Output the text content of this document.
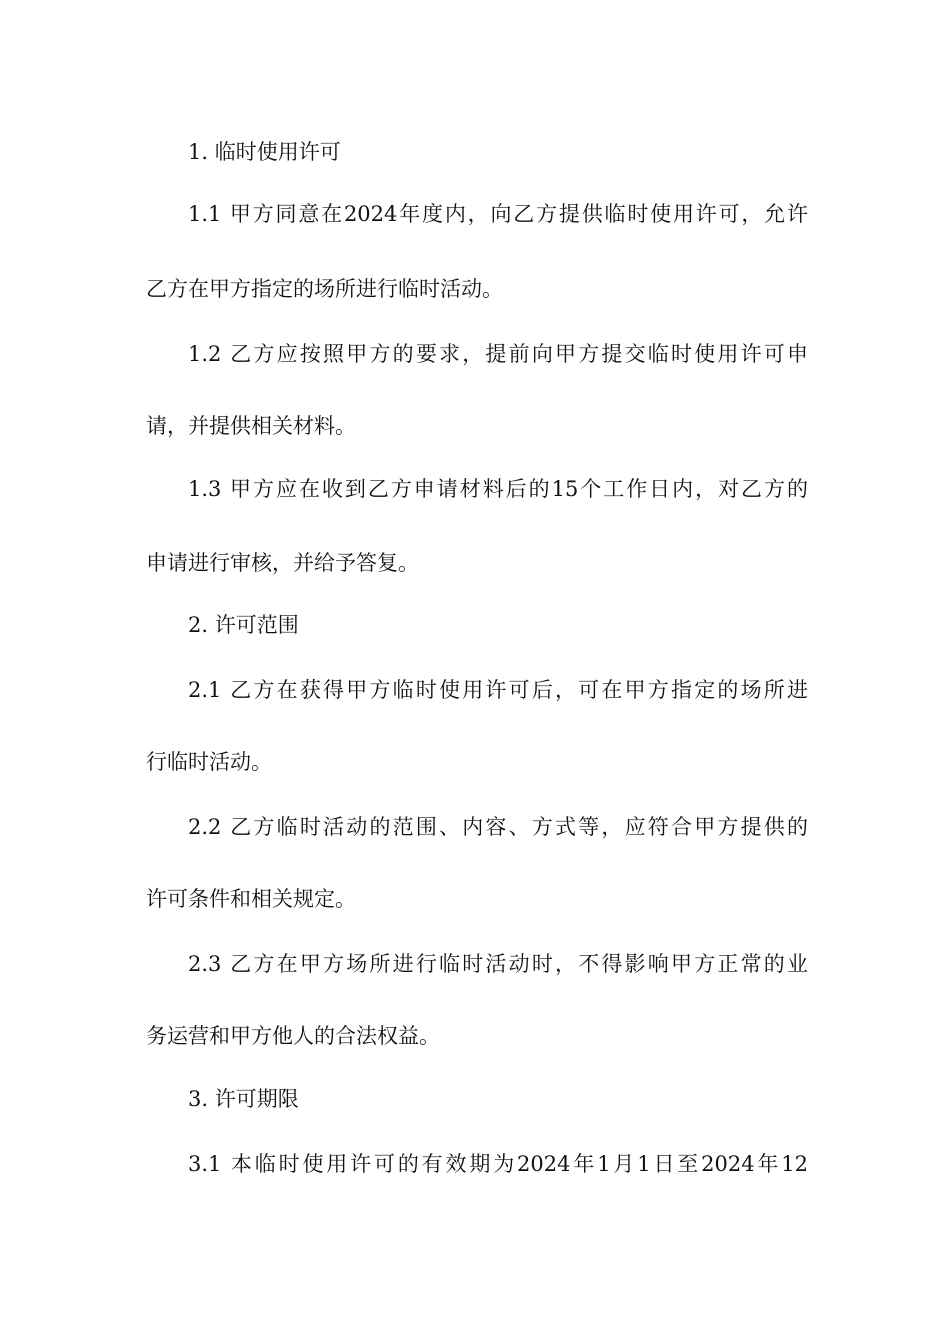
1. 临时使用许可
1.1 甲方同意在2024年度内，向乙方提供临时使用许可，允许
乙方在甲方指定的场所进行临时活动。
1.2 乙方应按照甲方的要求，提前向甲方提交临时使用许可申
请，并提供相关材料。
1.3 甲方应在收到乙方申请材料后的15个工作日内，对乙方的
申请进行审核，并给予答复。
2. 许可范围
2.1 乙方在获得甲方临时使用许可后，可在甲方指定的场所进
行临时活动。
2.2 乙方临时活动的范围、内容、方式等，应符合甲方提供的
许可条件和相关规定。
2.3 乙方在甲方场所进行临时活动时，不得影响甲方正常的业
务运营和甲方他人的合法权益。
3. 许可期限
3.1 本临时使用许可的有效期为2024年1月1日至2024年12
